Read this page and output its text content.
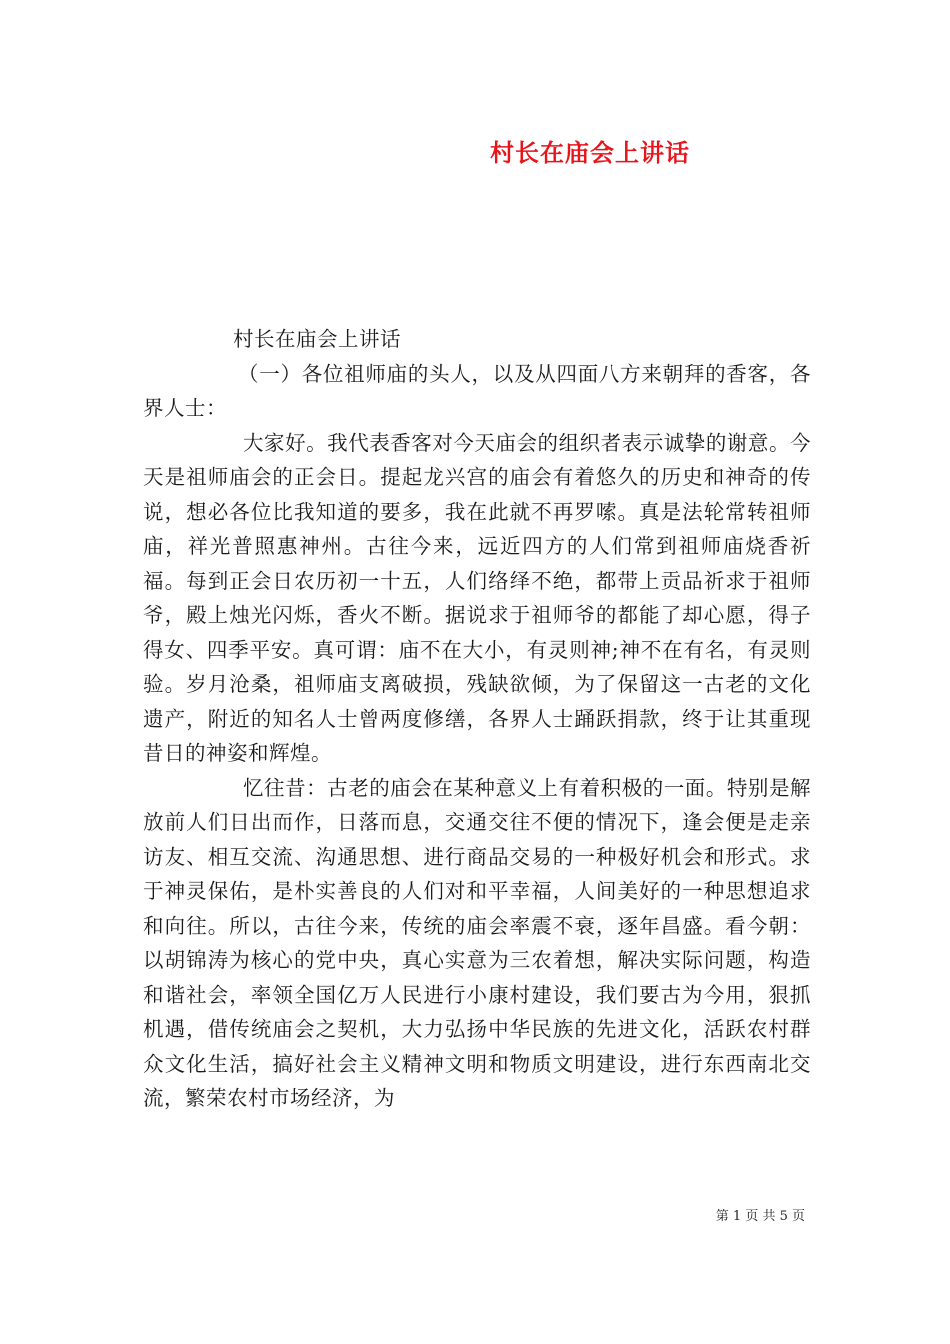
村长在庙会上讲话

村长在庙会上讲话

（一）各位祖师庙的头人，以及从四面八方来朝拜的香客，各界人士：

大家好。我代表香客对今天庙会的组织者表示诚挚的谢意。今天是祖师庙会的正会日。提起龙兴宫的庙会有着悠久的历史和神奇的传说，想必各位比我知道的要多，我在此就不再罗嗦。真是法轮常转祖师庙，祥光普照惠神州。古往今来，远近四方的人们常到祖师庙烧香祈福。每到正会日农历初一十五，人们络绎不绝，都带上贡品祈求于祖师爷，殿上烛光闪烁，香火不断。据说求于祖师爷的都能了却心愿，得子得女、四季平安。真可谓：庙不在大小，有灵则神;神不在有名，有灵则验。岁月沧桑，祖师庙支离破损，残缺欲倾，为了保留这一古老的文化遗产，附近的知名人士曾两度修缮，各界人士踊跃捐款，终于让其重现昔日的神姿和辉煌。

忆往昔：古老的庙会在某种意义上有着积极的一面。特别是解放前人们日出而作，日落而息，交通交往不便的情况下，逢会便是走亲访友、相互交流、沟通思想、进行商品交易的一种极好机会和形式。求于神灵保佑，是朴实善良的人们对和平幸福，人间美好的一种思想追求和向往。所以，古往今来，传统的庙会率震不衰，逐年昌盛。看今朝：以胡锦涛为核心的党中央，真心实意为三农着想，解决实际问题，构造和谐社会，率领全国亿万人民进行小康村建设，我们要古为今用，狠抓机遇，借传统庙会之契机，大力弘扬中华民族的先进文化，活跃农村群众文化生活，搞好社会主义精神文明和物质文明建设，进行东西南北交流，繁荣农村市场经济，为

第 1 页 共 5 页
